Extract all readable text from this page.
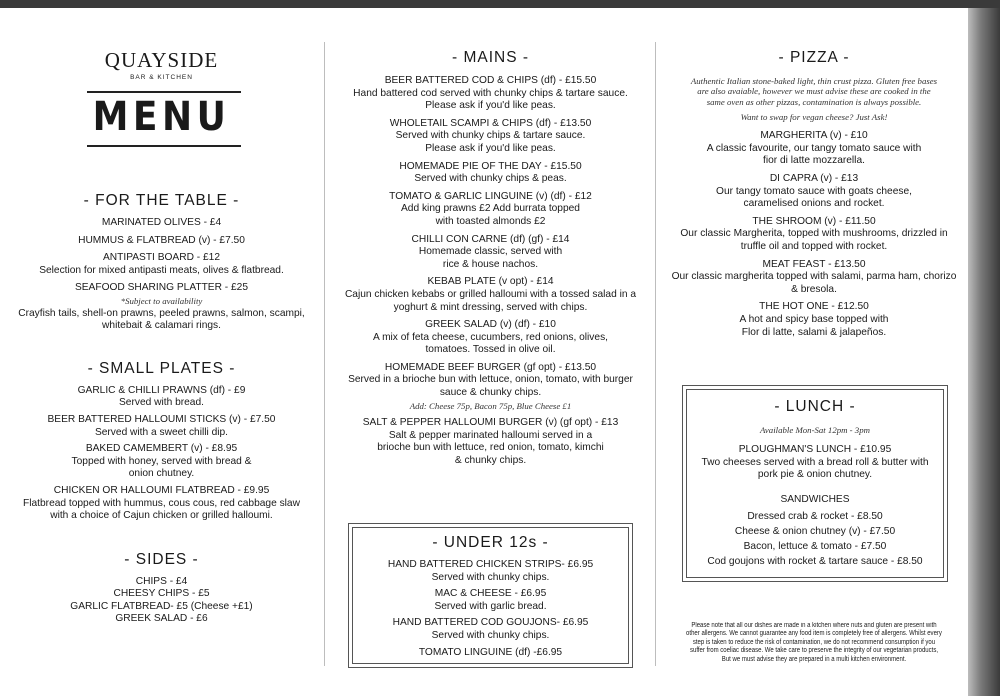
QUAYSIDE
BAR & KITCHEN
MENU
- FOR THE TABLE -
MARINATED OLIVES - £4
HUMMUS & FLATBREAD (v) - £7.50
ANTIPASTI BOARD - £12
Selection for mixed antipasti meats, olives & flatbread.
SEAFOOD SHARING PLATTER - £25
*Subject to availability
Crayfish tails, shell-on prawns, peeled prawns, salmon, scampi, whitebait & calamari rings.
- SMALL PLATES -
GARLIC & CHILLI PRAWNS (df) - £9
Served with bread.
BEER BATTERED HALLOUMI STICKS (v) - £7.50
Served with a sweet chilli dip.
BAKED CAMEMBERT (v) - £8.95
Topped with honey, served with bread & onion chutney.
CHICKEN OR HALLOUMI FLATBREAD - £9.95
Flatbread topped with hummus, cous cous, red cabbage slaw with a choice of Cajun chicken or grilled halloumi.
- SIDES -
CHIPS - £4
CHEESY CHIPS - £5
GARLIC FLATBREAD- £5 (Cheese +£1)
GREEK SALAD - £6
- MAINS -
BEER BATTERED COD & CHIPS (df) - £15.50
Hand battered cod served with chunky chips & tartare sauce. Please ask if you'd like peas.
WHOLETAIL SCAMPI & CHIPS (df) - £13.50
Served with chunky chips & tartare sauce. Please ask if you'd like peas.
HOMEMADE PIE OF THE DAY - £15.50
Served with chunky chips & peas.
TOMATO & GARLIC LINGUINE (v) (df) - £12
Add king prawns £2 Add burrata topped with toasted almonds £2
CHILLI CON CARNE (df) (gf) - £14
Homemade classic, served with rice & house nachos.
KEBAB PLATE (v opt) - £14
Cajun chicken kebabs or grilled halloumi with a tossed salad in a yoghurt & mint dressing, served with chips.
GREEK SALAD (v) (df) - £10
A mix of feta cheese, cucumbers, red onions, olives, tomatoes. Tossed in olive oil.
HOMEMADE BEEF BURGER (gf opt) - £13.50
Served in a brioche bun with lettuce, onion, tomato, with burger sauce & chunky chips.
Add: Cheese 75p, Bacon 75p, Blue Cheese £1
SALT & PEPPER HALLOUMI BURGER (v) (gf opt) - £13
Salt & pepper marinated halloumi served in a brioche bun with lettuce, red onion, tomato, kimchi & chunky chips.
- UNDER 12s -
HAND BATTERED CHICKEN STRIPS- £6.95
Served with chunky chips.
MAC & CHEESE - £6.95
Served with garlic bread.
HAND BATTERED COD GOUJONS- £6.95
Served with chunky chips.
TOMATO LINGUINE (df) -£6.95
- PIZZA -
Authentic Italian stone-baked light, thin crust pizza. Gluten free bases are also avaiable, however we must advise these are cooked in the same oven as other pizzas, contamination is always possible.
Want to swap for vegan cheese? Just Ask!
MARGHERITA (v) - £10
A classic favourite, our tangy tomato sauce with fior di latte mozzarella.
DI CAPRA (v) - £13
Our tangy tomato sauce with goats cheese, caramelised onions and rocket.
THE SHROOM (v) - £11.50
Our classic Margherita, topped with mushrooms, drizzled in truffle oil and topped with rocket.
MEAT FEAST - £13.50
Our classic margherita topped with salami, parma ham, chorizo & bresola.
THE HOT ONE - £12.50
A hot and spicy base topped with Flor di latte, salami & jalapeños.
- LUNCH -
Available Mon-Sat 12pm - 3pm
PLOUGHMAN'S LUNCH - £10.95
Two cheeses served with a bread roll & butter with pork pie & onion chutney.
SANDWICHES
Dressed crab & rocket - £8.50
Cheese & onion chutney (v) - £7.50
Bacon, lettuce & tomato - £7.50
Cod goujons with rocket & tartare sauce - £8.50
Please note that all our dishes are made in a kitchen where nuts and gluten are present with other allergens. We cannot guarantee any food item is completely free of allergens. Whilst every step is taken to reduce the risk of contamination, we do not recommend consumption if you suffer from coeliac disease. We take care to preserve the integrity of our vegetarian products, But we must advise they are prepared in a multi kitchen environment.
